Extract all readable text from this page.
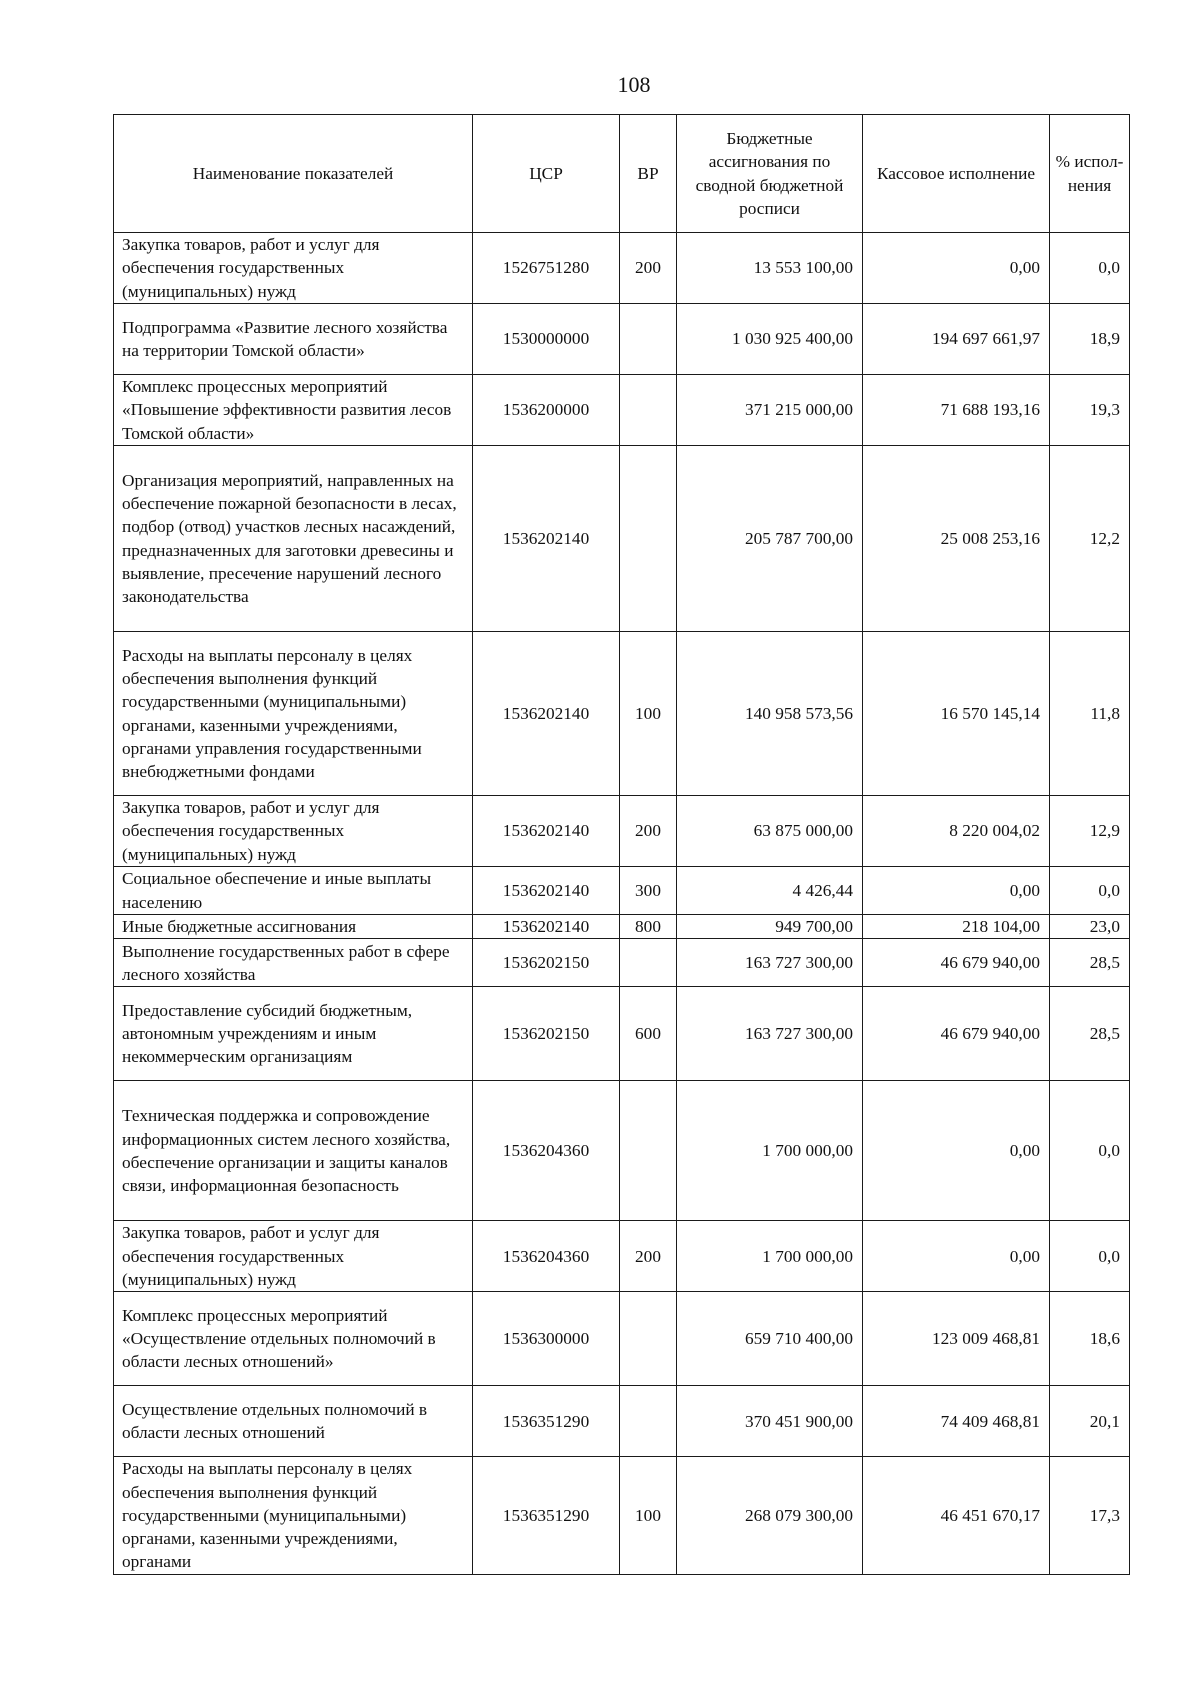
108
Наименование показателей	ЦСР	ВР	Бюджетные ассигнования по сводной бюджетной росписи	Кассовое исполнение	% испол-нения
Закупка товаров, работ и услуг для обеспечения государственных (муниципальных) нужд	1526751280	200	13 553 100,00	0,00	0,0
Подпрограмма «Развитие лесного хозяйства на территории Томской области»	1530000000		1 030 925 400,00	194 697 661,97	18,9
Комплекс процессных мероприятий «Повышение эффективности развития лесов Томской области»	1536200000		371 215 000,00	71 688 193,16	19,3
Организация мероприятий, направленных на обеспечение пожарной безопасности в лесах, подбор (отвод) участков лесных насаждений, предназначенных для заготовки древесины и выявление, пресечение нарушений лесного законодательства	1536202140		205 787 700,00	25 008 253,16	12,2
Расходы на выплаты персоналу в целях обеспечения выполнения функций государственными (муниципальными) органами, казенными учреждениями, органами управления государственными внебюджетными фондами	1536202140	100	140 958 573,56	16 570 145,14	11,8
Закупка товаров, работ и услуг для обеспечения государственных (муниципальных) нужд	1536202140	200	63 875 000,00	8 220 004,02	12,9
Социальное обеспечение и иные выплаты населению	1536202140	300	4 426,44	0,00	0,0
Иные бюджетные ассигнования	1536202140	800	949 700,00	218 104,00	23,0
Выполнение государственных работ в сфере лесного хозяйства	1536202150		163 727 300,00	46 679 940,00	28,5
Предоставление субсидий бюджетным, автономным учреждениям и иным некоммерческим организациям	1536202150	600	163 727 300,00	46 679 940,00	28,5
Техническая поддержка и сопровождение информационных систем лесного хозяйства, обеспечение организации и защиты каналов связи, информационная безопасность	1536204360		1 700 000,00	0,00	0,0
Закупка товаров, работ и услуг для обеспечения государственных (муниципальных) нужд	1536204360	200	1 700 000,00	0,00	0,0
Комплекс процессных мероприятий «Осуществление отдельных полномочий в области лесных отношений»	1536300000		659 710 400,00	123 009 468,81	18,6
Осуществление отдельных полномочий в области лесных отношений	1536351290		370 451 900,00	74 409 468,81	20,1
Расходы на выплаты персоналу в целях обеспечения выполнения функций государственными (муниципальными) органами, казенными учреждениями, органами	1536351290	100	268 079 300,00	46 451 670,17	17,3
